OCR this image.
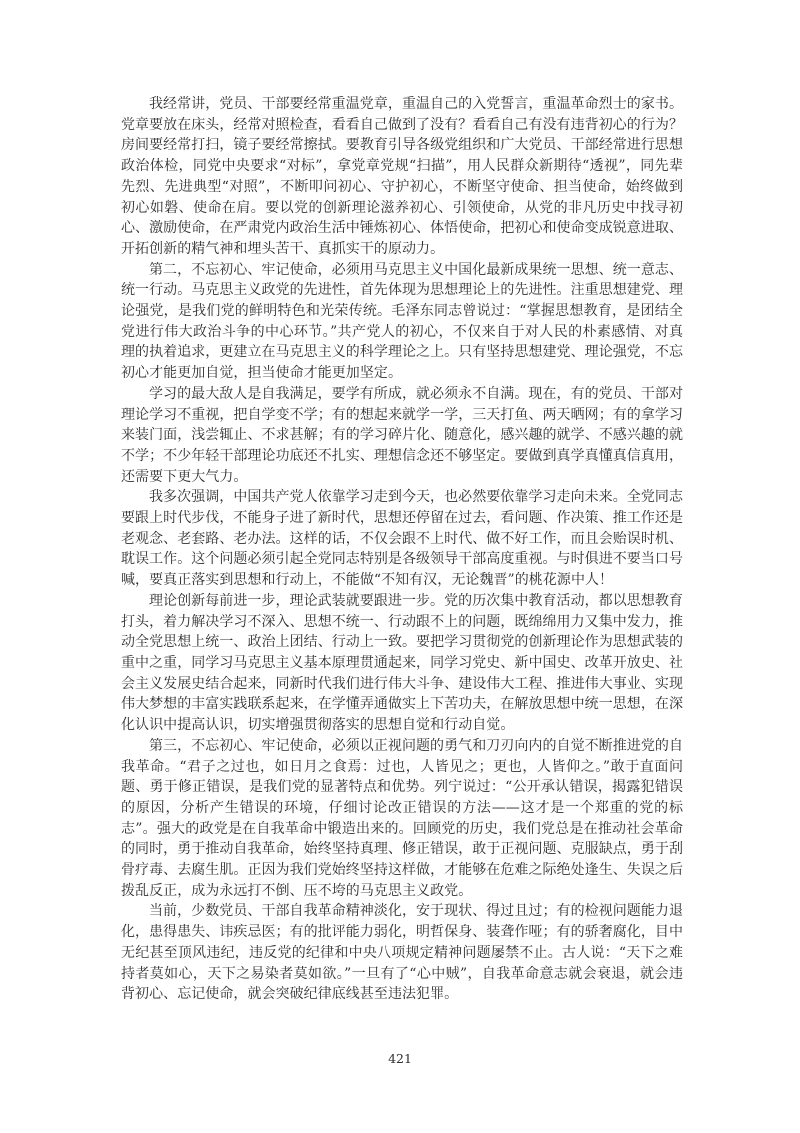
我经常讲，党员、干部要经常重温党章，重温自己的入党誓言，重温革命烈士的家书。党章要放在床头，经常对照检查，看看自己做到了没有？看看自己有没有违背初心的行为？房间要经常打扫，镜子要经常擦拭。要教育引导各级党组织和广大党员、干部经常进行思想政治体检，同党中央要求“对标”，拿党章党规“扫描”，用人民群众新期待“透视”，同先辈先烈、先进典型“对照”，不断叩问初心、守护初心，不断坚守使命、担当使命，始终做到初心如磐、使命在肩。要以党的创新理论滋养初心、引领使命，从党的非凡历史中找寻初心、激励使命，在严肃党内政治生活中锤炼初心、体悟使命，把初心和使命变成锐意进取、开拓创新的精气神和埋头苦干、真抓实干的原动力。

第二，不忘初心、牢记使命，必须用马克思主义中国化最新成果统一思想、统一意志、统一行动。马克思主义政党的先进性，首先体现为思想理论上的先进性。注重思想建党、理论强党，是我们党的鲜明特色和光荣传统。毛泽东同志曾说过：“掌握思想教育，是团结全党进行伟大政治斗争的中心环节。”共产党人的初心，不仅来自于对人民的朴素感情、对真理的执着追求，更建立在马克思主义的科学理论之上。只有坚持思想建党、理论强党，不忘初心才能更加自觉，担当使命才能更加坚定。

学习的最大敌人是自我满足，要学有所成，就必须永不自满。现在，有的党员、干部对理论学习不重视，把自学变不学；有的想起来就学一学，三天打鱼、两天晒网；有的拿学习来装门面，浅尝辄止、不求甚解；有的学习碎片化、随意化，感兴趣的就学、不感兴趣的就不学；不少年轻干部理论功底还不扎实、理想信念还不够坚定。要做到真学真懂真信真用，还需要下更大气力。

我多次强调，中国共产党人依靠学习走到今天，也必然要依靠学习走向未来。全党同志要跟上时代步伐，不能身子进了新时代，思想还停留在过去，看问题、作决策、推工作还是老观念、老套路、老办法。这样的话，不仅会跟不上时代、做不好工作，而且会贻误时机、耽误工作。这个问题必须引起全党同志特别是各级领导干部高度重视。与时俱进不要当口号喊，要真正落实到思想和行动上，不能做“不知有汉，无论魏晋”的桃花源中人！

理论创新每前进一步，理论武装就要跟进一步。党的历次集中教育活动，都以思想教育打头，着力解决学习不深入、思想不统一、行动跟不上的问题，既绵绵用力又集中发力，推动全党思想上统一、政治上团结、行动上一致。要把学习贯彻党的创新理论作为思想武装的重中之重，同学习马克思主义基本原理贯通起来，同学习党史、新中国史、改革开放史、社会主义发展史结合起来，同新时代我们进行伟大斗争、建设伟大工程、推进伟大事业、实现伟大梦想的丰富实践联系起来，在学懂弄通做实上下苦功夫，在解放思想中统一思想，在深化认识中提高认识，切实增强贯彻落实的思想自觉和行动自觉。

第三，不忘初心、牢记使命，必须以正视问题的勇气和刀刃向内的自觉不断推进党的自我革命。“君子之过也，如日月之食焉：过也，人皆见之；更也，人皆仰之。”敢于直面问题、勇于修正错误，是我们党的显著特点和优势。列宁说过：“公开承认错误，揭露犯错误的原因，分析产生错误的环境，仔细讨论改正错误的方法——这才是一个郑重的党的标志”。强大的政党是在自我革命中锻造出来的。回顾党的历史，我们党总是在推动社会革命的同时，勇于推动自我革命，始终坚持真理、修正错误，敢于正视问题、克服缺点，勇于刮骨疗毒、去腐生肌。正因为我们党始终坚持这样做，才能够在危难之际绝处逢生、失误之后拨乱反正，成为永远打不倒、压不垮的马克思主义政党。

当前，少数党员、干部自我革命精神淡化，安于现状、得过且过；有的检视问题能力退化，患得患失、讳疾忌医；有的批评能力弱化，明哲保身、装聋作哑；有的骄奢腐化，目中无纪甚至顶风违纪，违反党的纪律和中央八项规定精神问题屡禁不止。古人说：“天下之难持者莫如心，天下之易染者莫如欲。”一旦有了“心中贼”，自我革命意志就会衰退，就会违背初心、忘记使命，就会突破纪律底线甚至违法犯罪。

421
